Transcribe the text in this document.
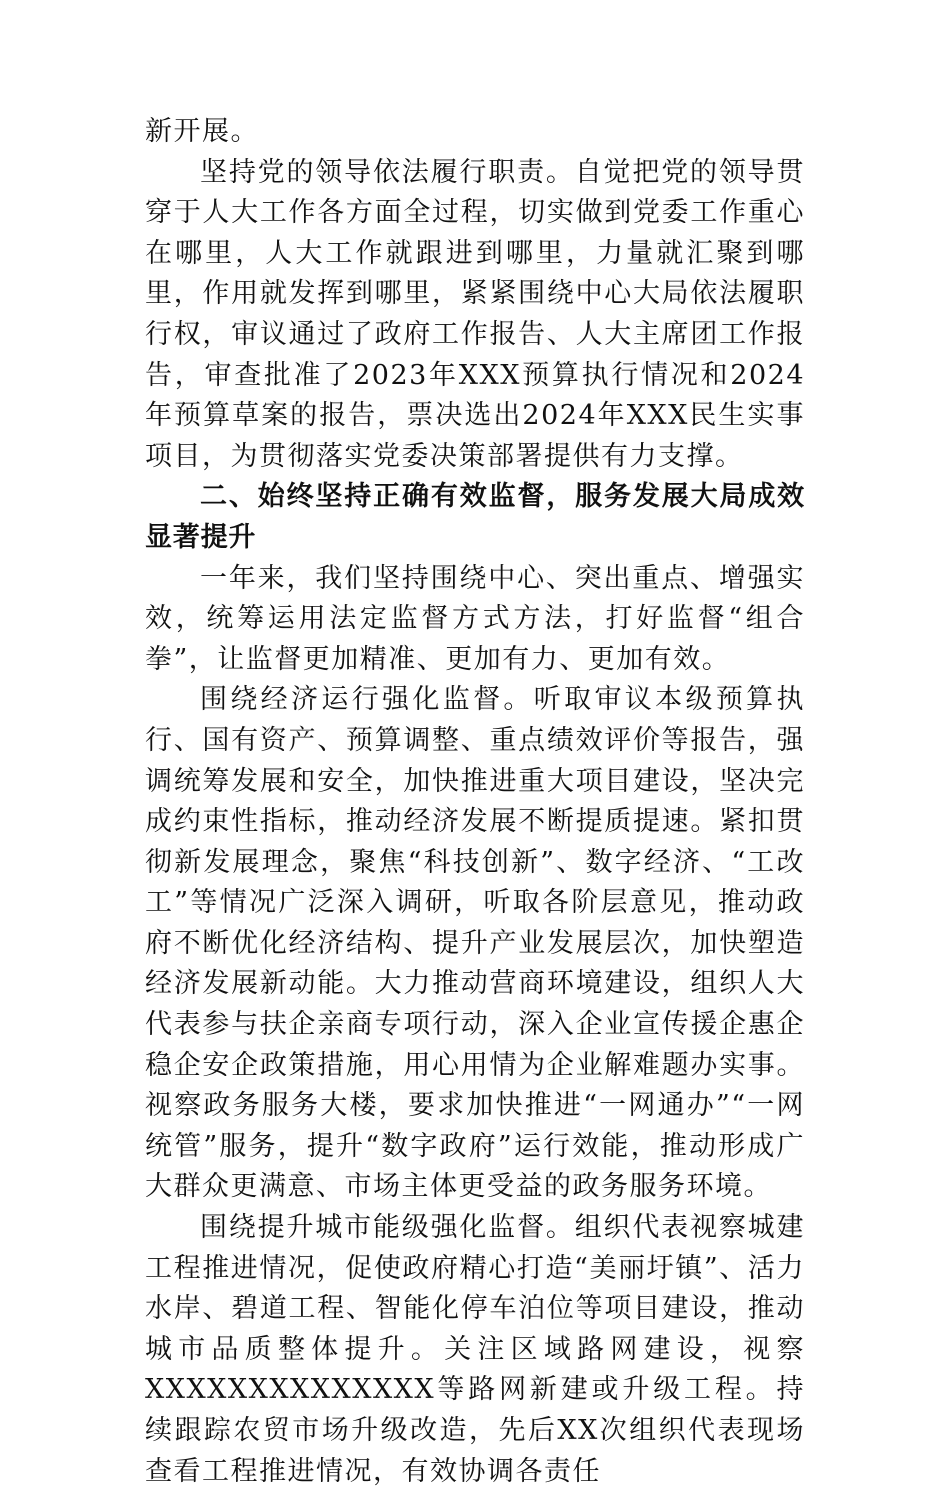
新开展。

坚持党的领导依法履行职责。自觉把党的领导贯穿于人大工作各方面全过程，切实做到党委工作重心在哪里，人大工作就跟进到哪里，力量就汇聚到哪里，作用就发挥到哪里，紧紧围绕中心大局依法履职行权，审议通过了政府工作报告、人大主席团工作报告，审查批准了2023年XXX预算执行情况和2024年预算草案的报告，票决选出2024年XXX民生实事项目，为贯彻落实党委决策部署提供有力支撑。

二、始终坚持正确有效监督，服务发展大局成效显著提升

一年来，我们坚持围绕中心、突出重点、增强实效，统筹运用法定监督方式方法，打好监督“组合拳”，让监督更加精准、更加有力、更加有效。

围绕经济运行强化监督。听取审议本级预算执行、国有资产、预算调整、重点绩效评价等报告，强调统筹发展和安全，加快推进重大项目建设，坚决完成约束性指标，推动经济发展不断提质提速。紧扣贯彻新发展理念，聚焦“科技创新”、数字经济、“工改工”等情况广泛深入调研，听取各阶层意见，推动政府不断优化经济结构、提升产业发展层次，加快塑造经济发展新动能。大力推动营商环境建设，组织人大代表参与扶企亲商专项行动，深入企业宣传援企惠企稳企安企政策措施，用心用情为企业解难题办实事。视察政务服务大楼，要求加快推进“一网通办”“一网统管”服务，提升“数字政府”运行效能，推动形成广大群众更满意、市场主体更受益的政务服务环境。

围绕提升城市能级强化监督。组织代表视察城建工程推进情况，促使政府精心打造“美丽圩镇”、活力水岸、碧道工程、智能化停车泊位等项目建设，推动城市品质整体提升。关注区域路网建设，视察XXXXXXXXXXXXXX等路网新建或升级工程。持续跟踪农贸市场升级改造，先后XX次组织代表现场查看工程推进情况，有效协调各责任
